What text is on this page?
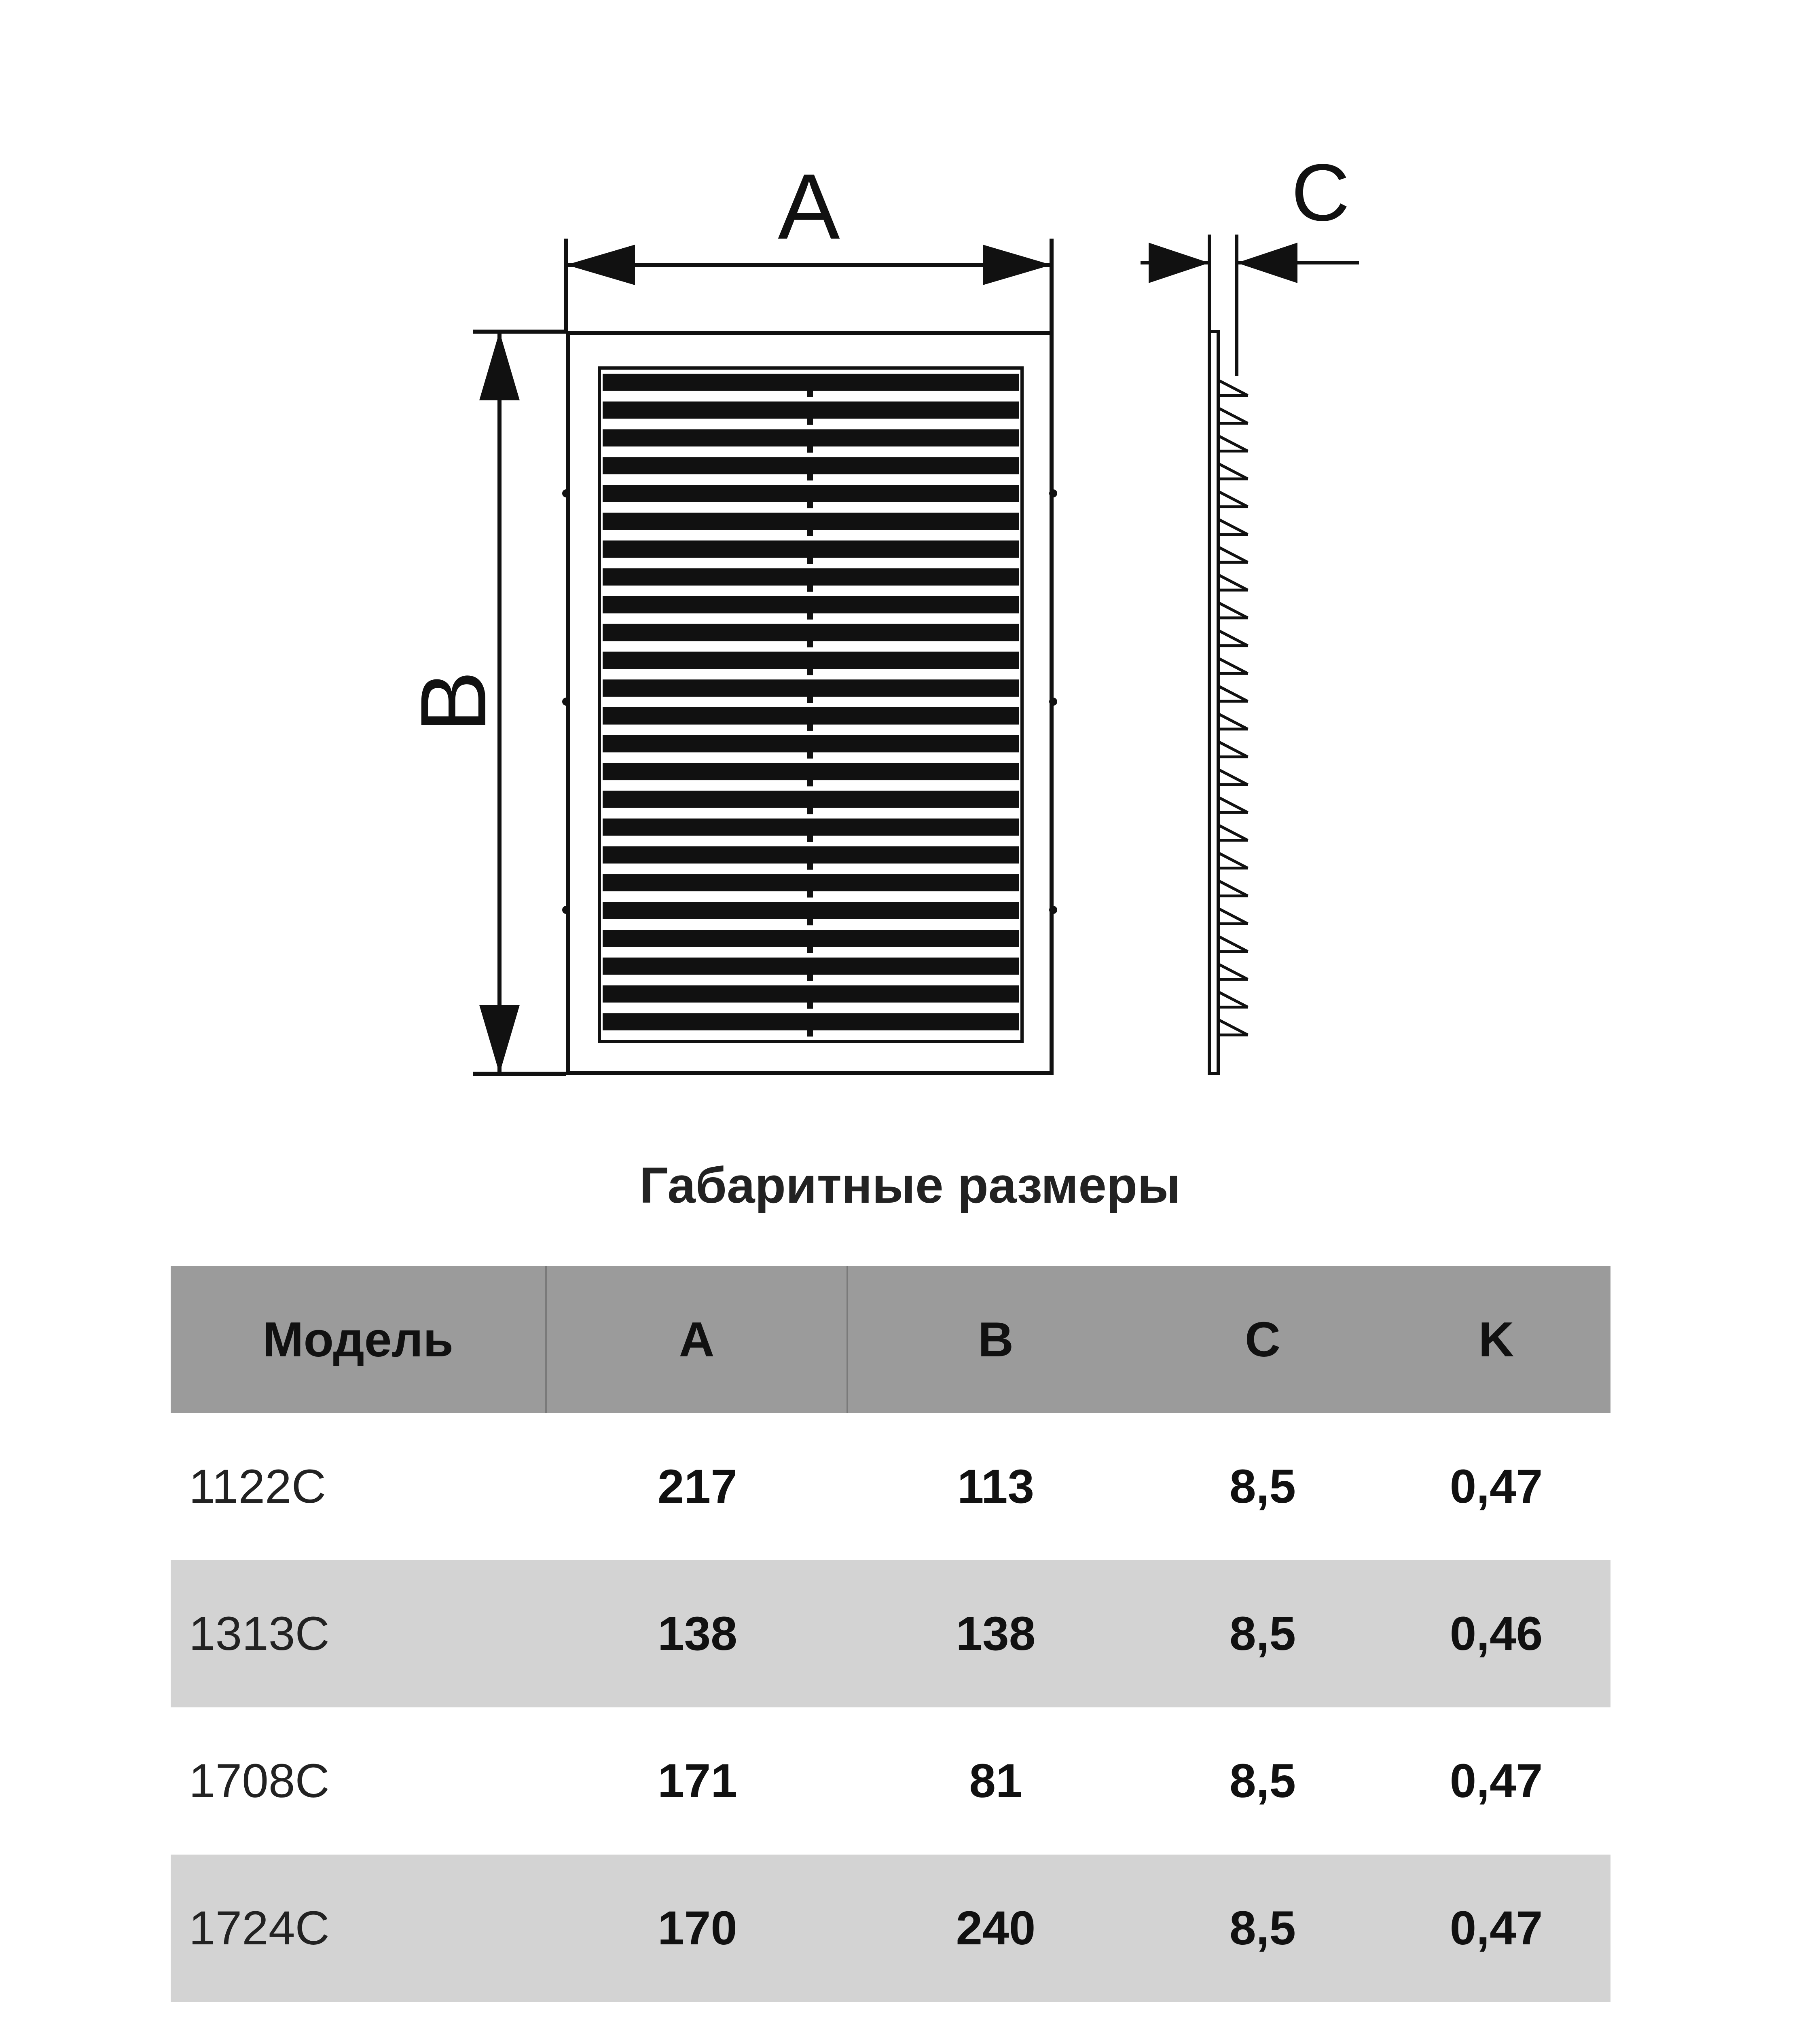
A
B
C
Габаритные размеры
Модель	A	B	C	K
1122С	217	113	8,5	0,47
1313С	138	138	8,5	0,46
1708С	171	81	8,5	0,47
1724С	170	240	8,5	0,47
